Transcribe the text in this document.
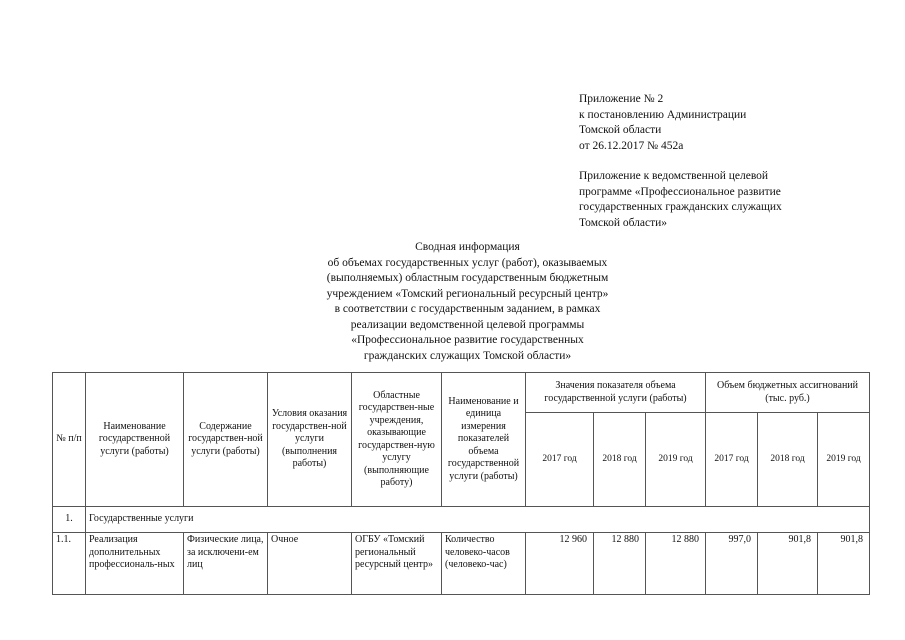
Приложение № 2
к постановлению Администрации
Томской области
от 26.12.2017 № 452а
Приложение к ведомственной целевой
программе «Профессиональное развитие
государственных гражданских служащих
Томской области»
Сводная информация
об объемах государственных услуг (работ), оказываемых
(выполняемых) областным государственным бюджетным
учреждением «Томский региональный ресурсный центр»
в соответствии с государственным заданием, в рамках
реализации ведомственной целевой программы
«Профессиональное развитие государственных
гражданских служащих Томской области»
№ п/п	Наименование государственной услуги (работы)	Содержание государствен-ной услуги (работы)	Условия оказания государствен-ной услуги (выполнения работы)	Областные государствен-ные учреждения, оказывающие государствен-ную услугу (выполняющие работу)	Наименование и единица измерения показателей объема государственной услуги (работы)	Значения показателя объема государственной услуги (работы)			Объем бюджетных ассигнований (тыс. руб.)		
						2017 год	2018 год	2019 год	2017 год	2018 год	2019 год
1.	Государственные услуги										
1.1.	Реализация дополнительных профессиональ-ных	Физические лица, за исключени-ем лиц	Очное	ОГБУ «Томский региональный ресурсный центр»	Количество человеко-часов (человеко-час)	12 960	12 880	12 880	997,0	901,8	901,8
